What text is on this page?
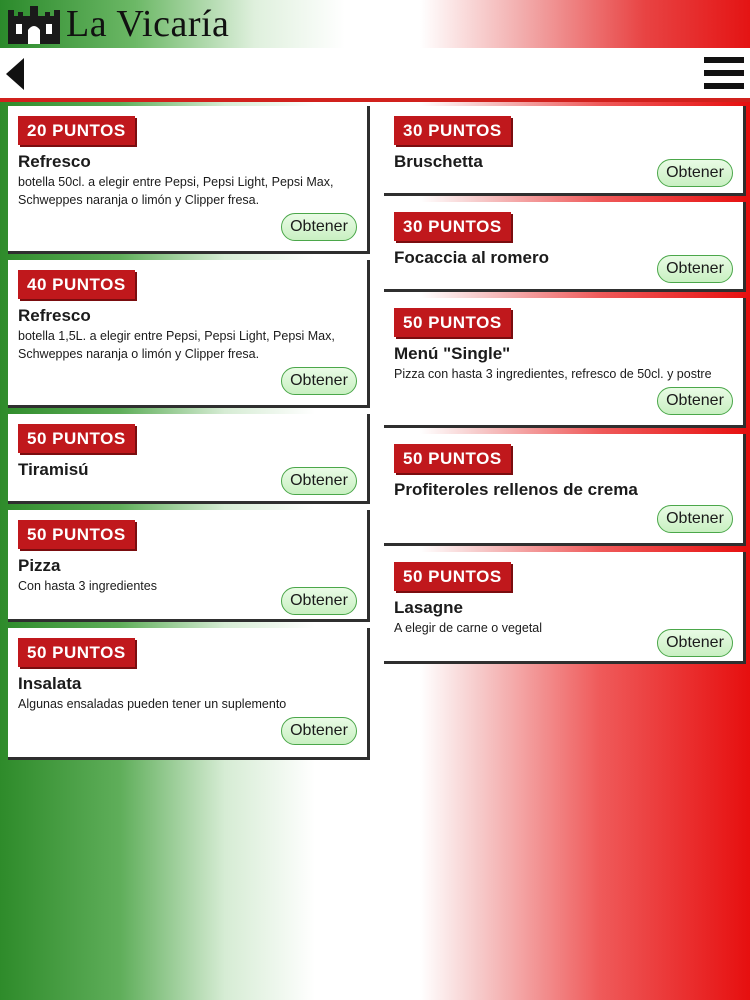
La Vicaría
20 PUNTOS
Refresco
botella 50cl. a elegir entre Pepsi, Pepsi Light, Pepsi Max, Schweppes naranja o limón y Clipper fresa.
Obtener
40 PUNTOS
Refresco
botella 1,5L. a elegir entre Pepsi, Pepsi Light, Pepsi Max, Schweppes naranja o limón y Clipper fresa.
Obtener
50 PUNTOS
Tiramisú
Obtener
50 PUNTOS
Pizza
Con hasta 3 ingredientes
Obtener
50 PUNTOS
Insalata
Algunas ensaladas pueden tener un suplemento
Obtener
30 PUNTOS
Bruschetta
Obtener
30 PUNTOS
Focaccia al romero
Obtener
50 PUNTOS
Menú "Single"
Pizza con hasta 3 ingredientes, refresco de 50cl. y postre
Obtener
50 PUNTOS
Profiteroles rellenos de crema
Obtener
50 PUNTOS
Lasagne
A elegir de carne o vegetal
Obtener
